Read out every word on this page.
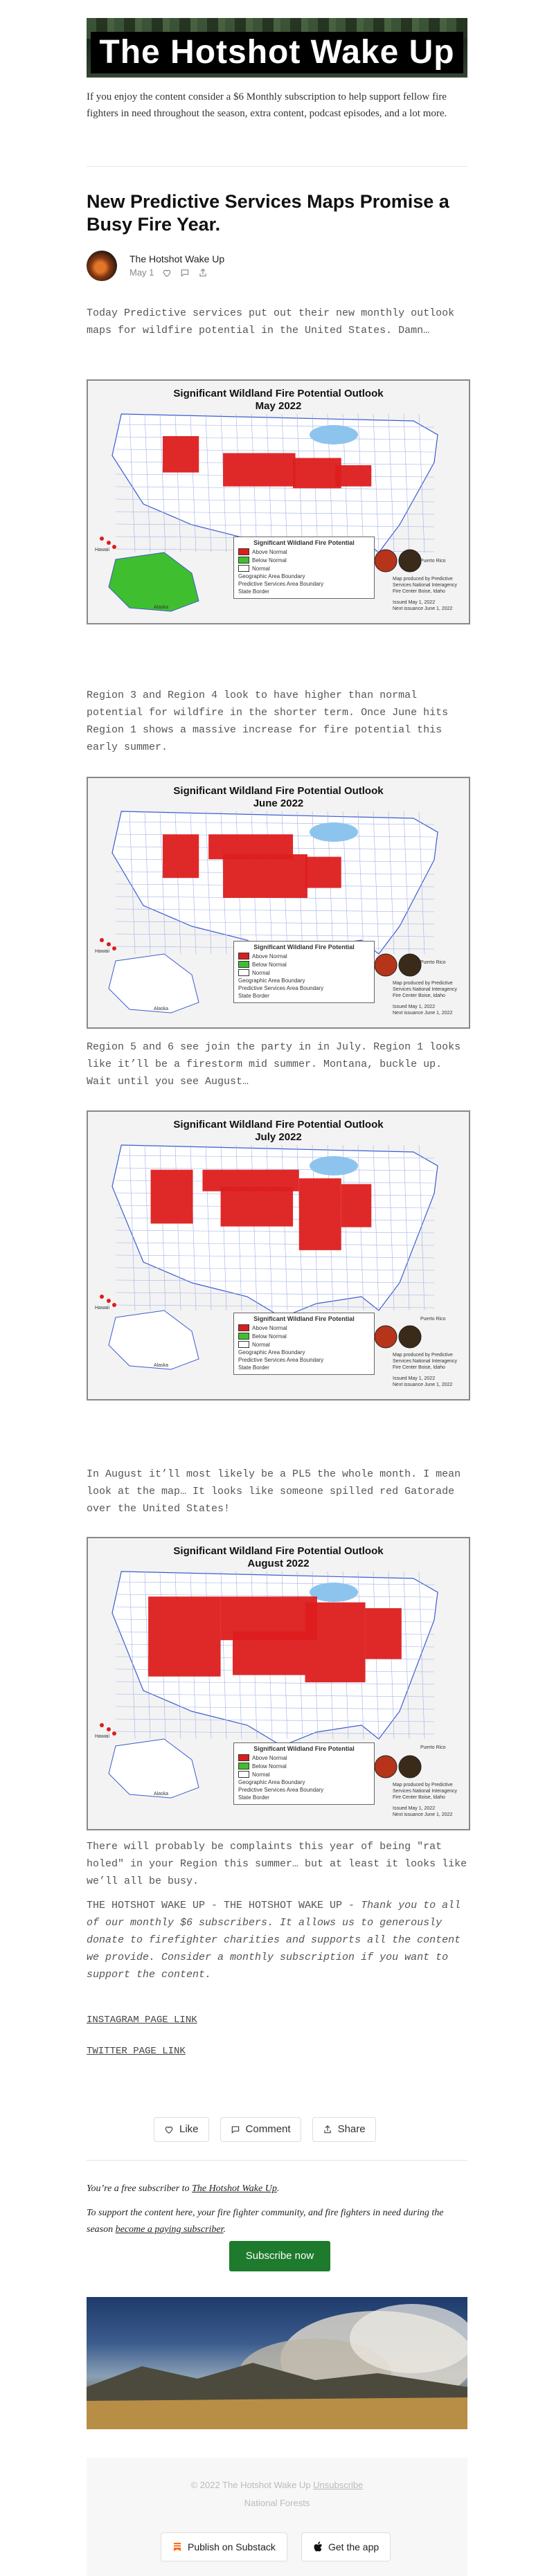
The Hotshot Wake Up
If you enjoy the content consider a $6 Monthly subscription to help support fellow fire fighters in need throughout the season, extra content, podcast episodes, and a lot more.
New Predictive Services Maps Promise a Busy Fire Year.
The Hotshot Wake Up
May 1
Today Predictive services put out their new monthly outlook maps for wildfire potential in the United States. Damn…
Significant Wildland Fire Potential Outlook
May 2022
Significant Wildland Fire Potential
Above Normal
Below Normal
Normal
Geographic Area Boundary
Predictive Services Area Boundary
State Border
Hawaii
Alaska
Puerto Rico
Map produced by Predictive Services National Interagency Fire Center Boise, Idaho
Issued May 1, 2022
Next issuance June 1, 2022
Region 3 and Region 4 look to have higher than normal potential for wildfire in the shorter term. Once June hits Region 1 shows a massive increase for fire potential this early summer.
Significant Wildland Fire Potential Outlook
June 2022
Significant Wildland Fire Potential
Above Normal
Below Normal
Normal
Geographic Area Boundary
Predictive Services Area Boundary
State Border
Hawaii
Alaska
Puerto Rico
Map produced by Predictive Services National Interagency Fire Center Boise, Idaho
Issued May 1, 2022
Next issuance June 1, 2022
Region 5 and 6 see join the party in in July. Region 1 looks like it’ll be a firestorm mid summer. Montana, buckle up. Wait until you see August…
Significant Wildland Fire Potential Outlook
July 2022
Significant Wildland Fire Potential
Above Normal
Below Normal
Normal
Geographic Area Boundary
Predictive Services Area Boundary
State Border
Hawaii
Alaska
Puerto Rico
Map produced by Predictive Services National Interagency Fire Center Boise, Idaho
Issued May 1, 2022
Next issuance June 1, 2022
In August it’ll most likely be a PL5 the whole month. I mean look at the map… It looks like someone spilled red Gatorade over the United States!
Significant Wildland Fire Potential Outlook
August 2022
Significant Wildland Fire Potential
Above Normal
Below Normal
Normal
Geographic Area Boundary
Predictive Services Area Boundary
State Border
Hawaii
Alaska
Puerto Rico
Map produced by Predictive Services National Interagency Fire Center Boise, Idaho
Issued May 1, 2022
Next issuance June 1, 2022
There will probably be complaints this year of being "rat holed" in your Region this summer… but at least it looks like we’ll all be busy.
THE HOTSHOT WAKE UP - THE HOTSHOT WAKE UP - Thank you to all of our monthly $6 subscribers. It allows us to generously donate to firefighter charities and supports all the content we provide. Consider a monthly subscription if you want to support the content.
INSTAGRAM PAGE LINK
TWITTER PAGE LINK
Like	Comment	Share
You’re a free subscriber to The Hotshot Wake Up.
To support the content here, your fire fighter community, and fire fighters in need during the season become a paying subscriber.
Subscribe now
© 2022 The Hotshot Wake Up Unsubscribe
National Forests
Publish on Substack	Get the app
